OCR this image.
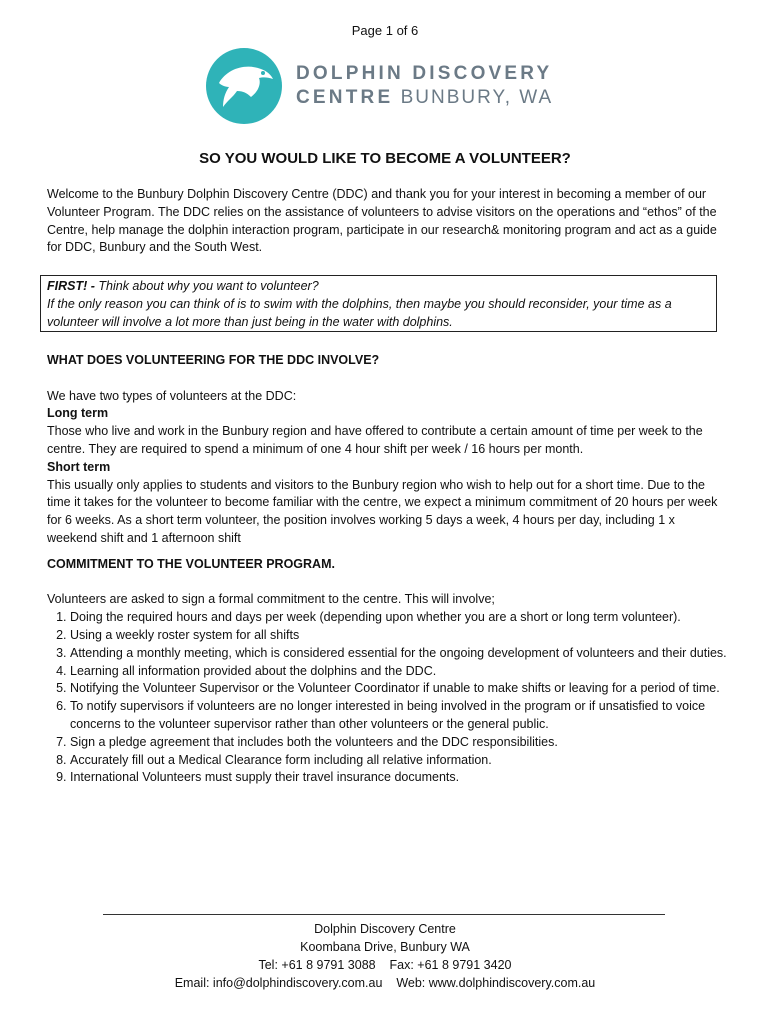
Page 1 of 6
DOLPHIN DISCOVERY
CENTRE BUNBURY, WA
SO YOU WOULD LIKE TO BECOME A VOLUNTEER?

Welcome to the Bunbury Dolphin Discovery Centre (DDC) and thank you for your interest in becoming a member of our Volunteer Program. The DDC relies on the assistance of volunteers to advise visitors on the operations and “ethos” of the Centre, help manage the dolphin interaction program, participate in our research& monitoring program and act as a guide for DDC, Bunbury and the South West.

FIRST! - Think about why you want to volunteer?
If the only reason you can think of is to swim with the dolphins, then maybe you should reconsider, your time as a volunteer will involve a lot more than just being in the water with dolphins.

WHAT DOES VOLUNTEERING FOR THE DDC INVOLVE?

We have two types of volunteers at the DDC:

Long term

Those who live and work in the Bunbury region and have offered to contribute a certain amount of time per week to the centre. They are required to spend a minimum of one 4 hour shift per week / 16 hours per month.

Short term

This usually only applies to students and visitors to the Bunbury region who wish to help out for a short time. Due to the time it takes for the volunteer to become familiar with the centre, we expect a minimum commitment of 20 hours per week for 6 weeks. As a short term volunteer, the position involves working 5 days a week, 4 hours per day, including 1 x weekend shift and 1 afternoon shift

COMMITMENT TO THE VOLUNTEER PROGRAM.

Volunteers are asked to sign a formal commitment to the centre. This will involve;

1. Doing the required hours and days per week (depending upon whether you are a short or long term volunteer).
2. Using a weekly roster system for all shifts
3. Attending a monthly meeting, which is considered essential for the ongoing development of volunteers and their duties.
4. Learning all information provided about the dolphins and the DDC.
5. Notifying the Volunteer Supervisor or the Volunteer Coordinator if unable to make shifts or leaving for a period of time.
6. To notify supervisors if volunteers are no longer interested in being involved in the program or if unsatisfied to voice concerns to the volunteer supervisor rather than other volunteers or the general public.
7. Sign a pledge agreement that includes both the volunteers and the DDC responsibilities.
8. Accurately fill out a Medical Clearance form including all relative information.
9. International Volunteers must supply their travel insurance documents.
Dolphin Discovery Centre
Koombana Drive, Bunbury WA
Tel: +61 8 9791 3088 Fax: +61 8 9791 3420
Email: info@dolphindiscovery.com.au Web: www.dolphindiscovery.com.au
